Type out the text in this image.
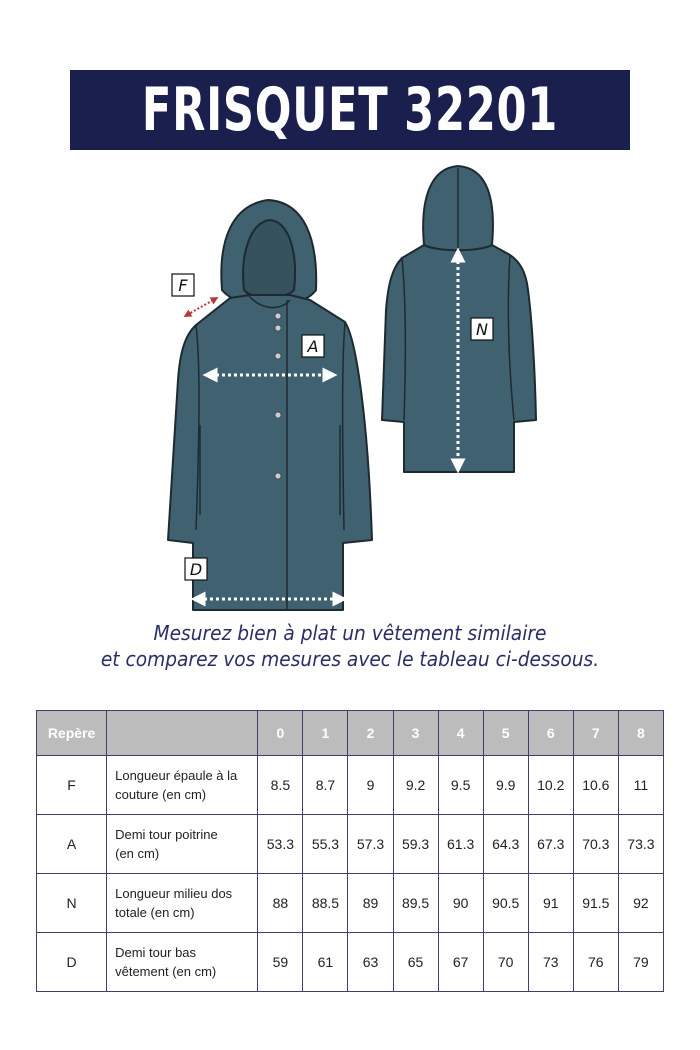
FRISQUET 32201
F
A
N
D
Mesurez bien à plat un vêtement similaire
et comparez vos mesures avec le tableau ci-dessous.
Repère		0	1	2	3	4	5	6	7	8
F	Longueur épaule à la
couture (en cm)	8.5	8.7	9	9.2	9.5	9.9	10.2	10.6	11
A	Demi tour poitrine
(en cm)	53.3	55.3	57.3	59.3	61.3	64.3	67.3	70.3	73.3
N	Longueur milieu dos
totale (en cm)	88	88.5	89	89.5	90	90.5	91	91.5	92
D	Demi tour bas
vêtement (en cm)	59	61	63	65	67	70	73	76	79
